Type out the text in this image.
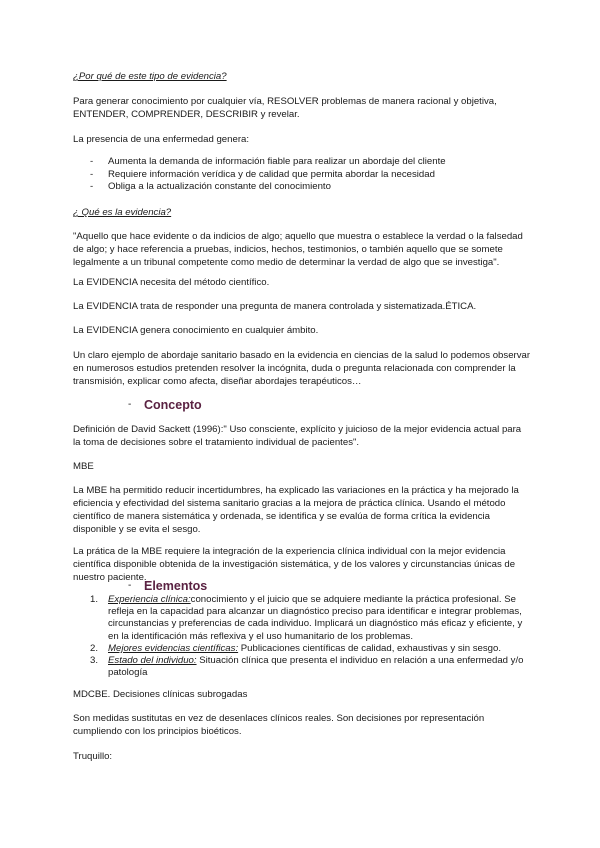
¿Por qué de este tipo de evidencia?

Para generar conocimiento por cualquier vía, RESOLVER problemas de manera racional y objetiva, ENTENDER, COMPRENDER, DESCRIBIR y revelar.

La presencia de una enfermedad genera:

- Aumenta la demanda de información fiable para realizar un abordaje del cliente
- Requiere información verídica y de calidad que permita abordar la necesidad
- Obliga a la actualización constante del conocimiento

¿ Qué es la evidencia?

"Aquello que hace evidente o da indicios de algo; aquello que muestra o establece la verdad o la falsedad de algo; y hace referencia a pruebas, indicios, hechos, testimonios, o también aquello que se somete legalmente a un tribunal competente como medio de determinar la verdad de algo que se investiga".

La EVIDENCIA necesita del método científico.

La EVIDENCIA trata de responder una pregunta de manera controlada y sistematizada.ÉTICA.

La EVIDENCIA genera conocimiento en cualquier ámbito.

Un claro ejemplo de abordaje sanitario basado en la evidencia en ciencias de la salud lo podemos observar en numerosos estudios pretenden resolver la incógnita, duda o pregunta relacionada con comprender la transmisión, explicar como afecta, diseñar abordajes terapéuticos…

- Concepto

Definición de David Sackett (1996):" Uso consciente, explícito y juicioso de la mejor evidencia actual para la toma de decisiones sobre el tratamiento individual de pacientes".

MBE

La MBE ha permitido reducir incertidumbres, ha explicado las variaciones en la práctica y ha mejorado la eficiencia y efectividad del sistema sanitario gracias a la mejora de práctica clínica. Usando el método científico de manera sistemática y ordenada, se identifica y se evalúa de forma crítica la evidencia disponible y se evita el sesgo.

La prática de la MBE requiere la integración de la experiencia clínica individual con la mejor evidencia científica disponible obtenida de la investigación sistemática, y de los valores y circunstancias únicas de nuestro paciente.

- Elementos
1. Experiencia clínica:conocimiento y el juicio que se adquiere mediante la práctica profesional. Se refleja en la capacidad para alcanzar un diagnóstico preciso para identificar e integrar problemas, circunstancias y preferencias de cada individuo. Implicará un diagnóstico más eficaz y eficiente, y en la identificación más reflexiva y el uso humanitario de los problemas.
2. Mejores evidencias científicas: Publicaciones científicas de calidad, exhaustivas y sin sesgo.
3. Estado del individuo: Situación clínica que presenta el individuo en relación a una enfermedad y/o patología

MDCBE. Decisiones clínicas subrogadas

Son medidas sustitutas en vez de desenlaces clínicos reales. Son decisiones por representación cumpliendo con los principios bioéticos.

Truquillo:
